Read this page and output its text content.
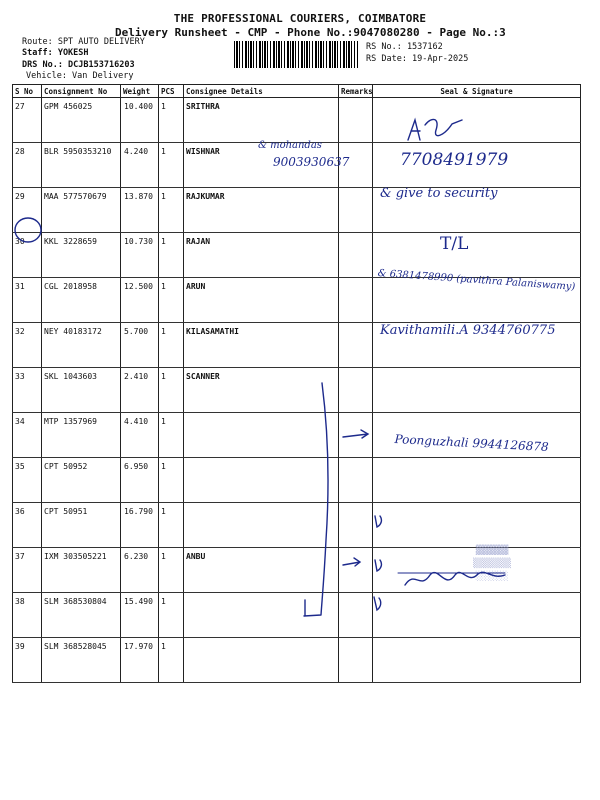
THE PROFESSIONAL COURIERS, COIMBATORE
Delivery Runsheet - CMP - Phone No.:9047080280 - Page No.:3
Route: SPT AUTO DELIVERY
Staff: YOKESH
DRS No.: DCJB153716203
Vehicle: Van Delivery
RS No.: 1537162
RS Date: 19-Apr-2025
S No	Consignment No	Weight	PCS	Consignee Details	Remarks	Seal & Signature
27	GPM 456025	10.400	1	SRITHRA		
28	BLR 5950353210	4.240	1	WISHNAR		
29	MAA 577570679	13.870	1	RAJKUMAR		
30	KKL 3228659	10.730	1	RAJAN		
31	CGL 2018958	12.500	1	ARUN		
32	NEY 40183172	5.700	1	KILASAMATHI		
33	SKL 1043603	2.410	1	SCANNER		
34	MTP 1357969	4.410	1			
35	CPT 50952	6.950	1			
36	CPT 50951	16.790	1			
37	IXM 303505221	6.230	1	ANBU		
38	SLM 368530804	15.490	1			
39	SLM 368528045	17.970	1			
▓▓▓▓▓▓
▒▒▒▒▒▒▒
░░░░░░
& mohandas
9003930637	7708491979
& give to security
T/L
& 6381478990 (pavithra Palaniswamy)
Kavithamili.A 9344760775
Poonguzhali 9944126878
